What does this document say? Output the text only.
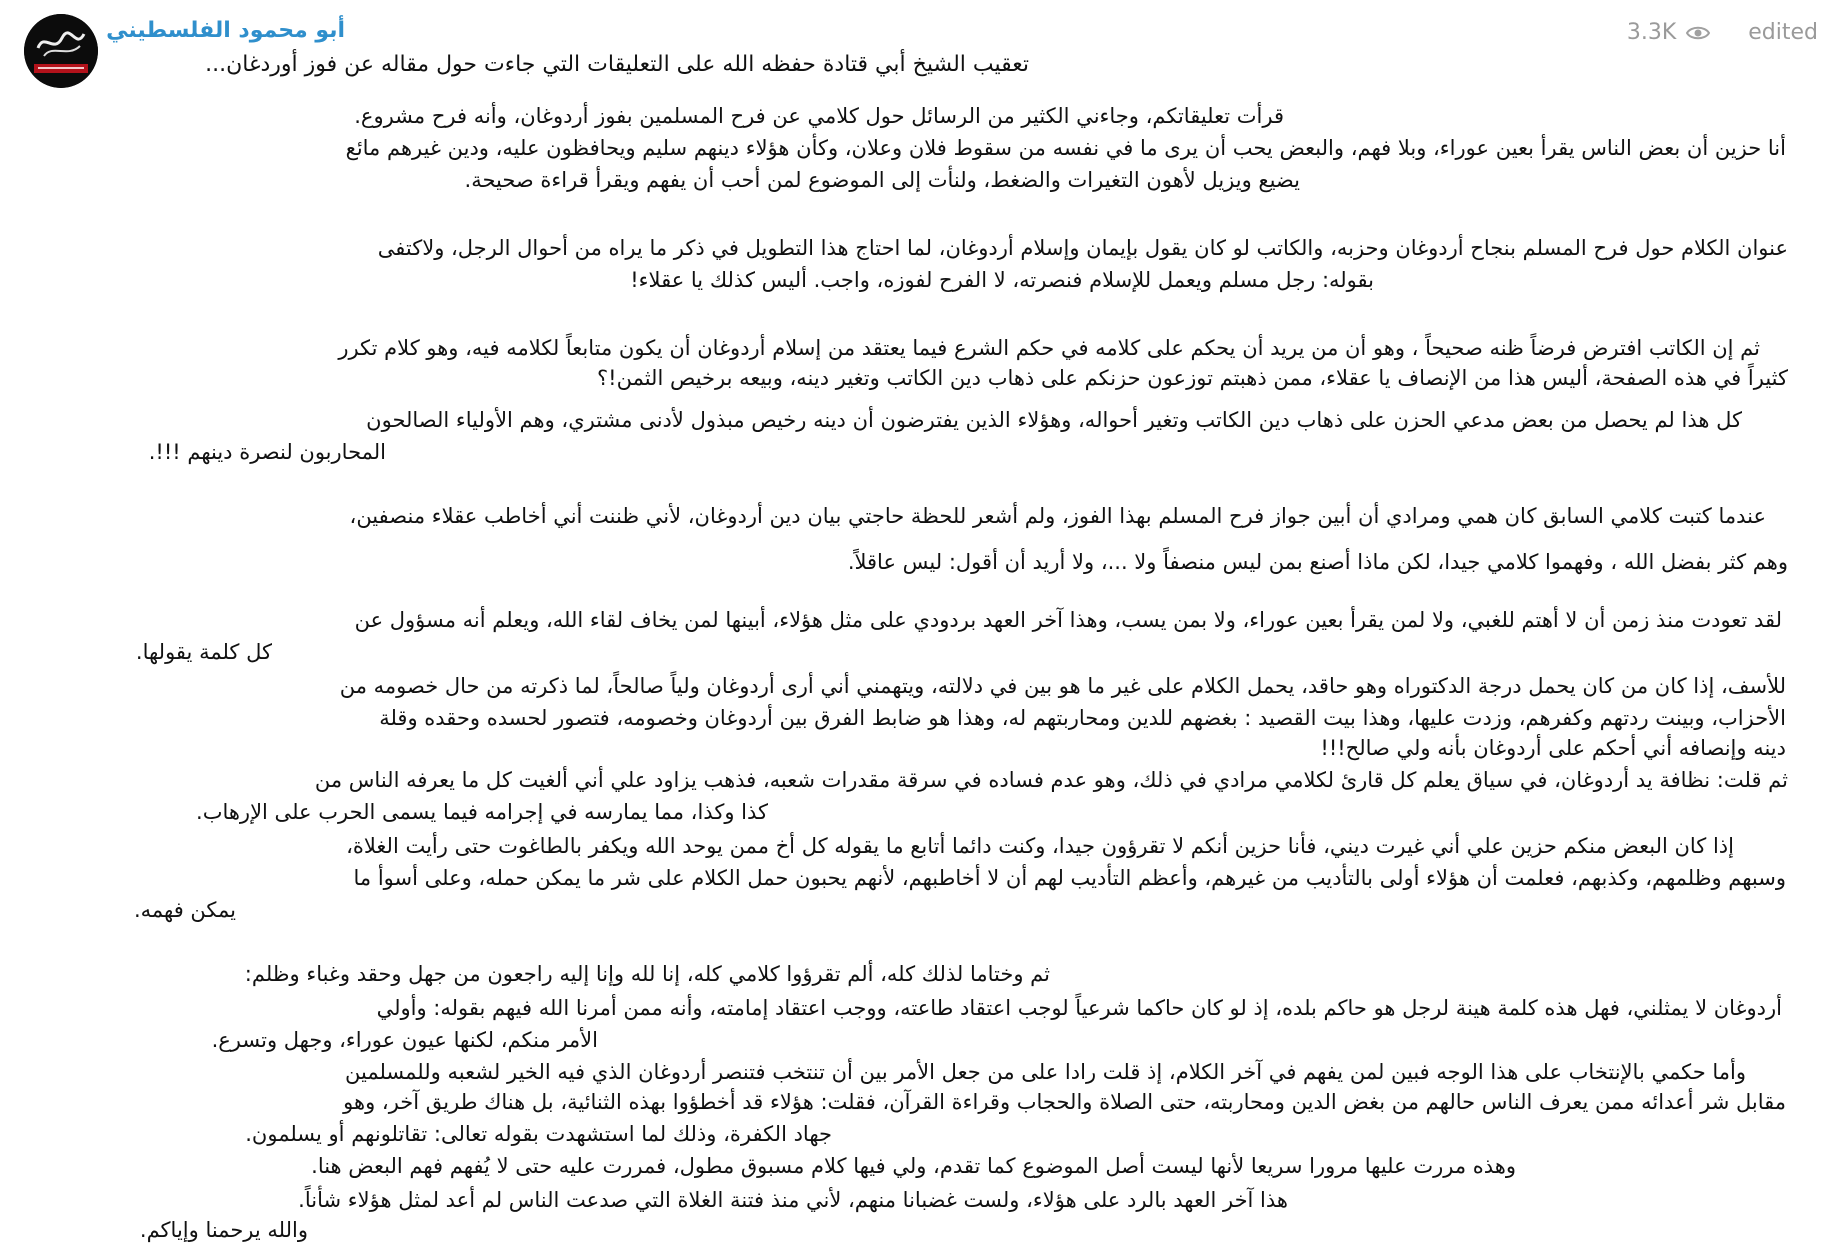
أبو محمود الفلسطيني	3.3K	edited
تعقيب الشيخ أبي قتادة حفظه الله على التعليقات التي جاءت حول مقاله عن فوز أوردغان...
قرأت تعليقاتكم، وجاءني الكثير من الرسائل حول كلامي عن فرح المسلمين بفوز أردوغان، وأنه فرح مشروع.
أنا حزين أن بعض الناس يقرأ بعين عوراء، وبلا فهم، والبعض يحب أن يرى ما في نفسه من سقوط فلان وعلان، وكأن هؤلاء دينهم سليم ويحافظون عليه، ودين غيرهم مائع
يضيع ويزيل لأهون التغيرات والضغط، ولنأت إلى الموضوع لمن أحب أن يفهم ويقرأ قراءة صحيحة.
عنوان الكلام حول فرح المسلم بنجاح أردوغان وحزبه، والكاتب لو كان يقول بإيمان وإسلام أردوغان، لما احتاج هذا التطويل في ذكر ما يراه من أحوال الرجل، ولاكتفى
بقوله: رجل مسلم ويعمل للإسلام فنصرته، لا الفرح لفوزه، واجب. أليس كذلك يا عقلاء!
ثم إن الكاتب افترض فرضاً ظنه صحيحاً ، وهو أن من يريد أن يحكم على كلامه في حكم الشرع فيما يعتقد من إسلام أردوغان أن يكون متابعاً لكلامه فيه، وهو كلام تكرر
كثيراً في هذه الصفحة، أليس هذا من الإنصاف يا عقلاء، ممن ذهبتم توزعون حزنكم على ذهاب دين الكاتب وتغير دينه، وبيعه برخيص الثمن!؟
كل هذا لم يحصل من بعض مدعي الحزن على ذهاب دين الكاتب وتغير أحواله، وهؤلاء الذين يفترضون أن دينه رخيص مبذول لأدنى مشتري، وهم الأولياء الصالحون
المحاربون لنصرة دينهم !!!.
عندما كتبت كلامي السابق كان همي ومرادي أن أبين جواز فرح المسلم بهذا الفوز، ولم أشعر للحظة حاجتي بيان دين أردوغان، لأني ظننت أني أخاطب عقلاء منصفين،
وهم كثر بفضل الله ، وفهموا كلامي جيدا، لكن ماذا أصنع بمن ليس منصفاً ولا ...، ولا أريد أن أقول: ليس عاقلاً.
لقد تعودت منذ زمن أن لا أهتم للغبي، ولا لمن يقرأ بعين عوراء، ولا بمن يسب، وهذا آخر العهد بردودي على مثل هؤلاء، أبينها لمن يخاف لقاء الله، ويعلم أنه مسؤول عن
كل كلمة يقولها.
للأسف، إذا كان من كان يحمل درجة الدكتوراه وهو حاقد، يحمل الكلام على غير ما هو بين في دلالته، ويتهمني أني أرى أردوغان ولياً صالحاً، لما ذكرته من حال خصومه من
الأحزاب، وبينت ردتهم وكفرهم، وزدت عليها، وهذا بيت القصيد : بغضهم للدين ومحاربتهم له، وهذا هو ضابط الفرق بين أردوغان وخصومه، فتصور لحسده وحقده وقلة
دينه وإنصافه أني أحكم على أردوغان بأنه ولي صالح!!!
ثم قلت: نظافة يد أردوغان، في سياق يعلم كل قارئ لكلامي مرادي في ذلك، وهو عدم فساده في سرقة مقدرات شعبه، فذهب يزاود علي أني ألغيت كل ما يعرفه الناس من
كذا وكذا، مما يمارسه في إجرامه فيما يسمى الحرب على الإرهاب.
إذا كان البعض منكم حزين علي أني غيرت ديني، فأنا حزين أنكم لا تقرؤون جيدا، وكنت دائما أتابع ما يقوله كل أخ ممن يوحد الله ويكفر بالطاغوت حتى رأيت الغلاة،
وسبهم وظلمهم، وكذبهم، فعلمت أن هؤلاء أولى بالتأديب من غيرهم، وأعظم التأديب لهم أن لا أخاطبهم، لأنهم يحبون حمل الكلام على شر ما يمكن حمله، وعلى أسوأ ما
يمكن فهمه.
ثم وختاما لذلك كله، ألم تقرؤوا كلامي كله، إنا لله وإنا إليه راجعون من جهل وحقد وغباء وظلم:
أردوغان لا يمثلني، فهل هذه كلمة هينة لرجل هو حاكم بلده، إذ لو كان حاكما شرعياً لوجب اعتقاد طاعته، ووجب اعتقاد إمامته، وأنه ممن أمرنا الله فيهم بقوله: وأولي
الأمر منكم، لكنها عيون عوراء، وجهل وتسرع.
وأما حكمي بالإنتخاب على هذا الوجه فبين لمن يفهم في آخر الكلام، إذ قلت رادا على من جعل الأمر بين أن تنتخب فتنصر أردوغان الذي فيه الخير لشعبه وللمسلمين
مقابل شر أعدائه ممن يعرف الناس حالهم من بغض الدين ومحاربته، حتى الصلاة والحجاب وقراءة القرآن، فقلت: هؤلاء قد أخطؤوا بهذه الثنائية، بل هناك طريق آخر، وهو
جهاد الكفرة، وذلك لما استشهدت بقوله تعالى: تقاتلونهم أو يسلمون.
وهذه مررت عليها مرورا سريعا لأنها ليست أصل الموضوع كما تقدم، ولي فيها كلام مسبوق مطول، فمررت عليه حتى لا يُفهم فهم البعض هنا.
هذا آخر العهد بالرد على هؤلاء، ولست غضبانا منهم، لأني منذ فتنة الغلاة التي صدعت الناس لم أعد لمثل هؤلاء شأناً.
والله يرحمنا وإياكم.
